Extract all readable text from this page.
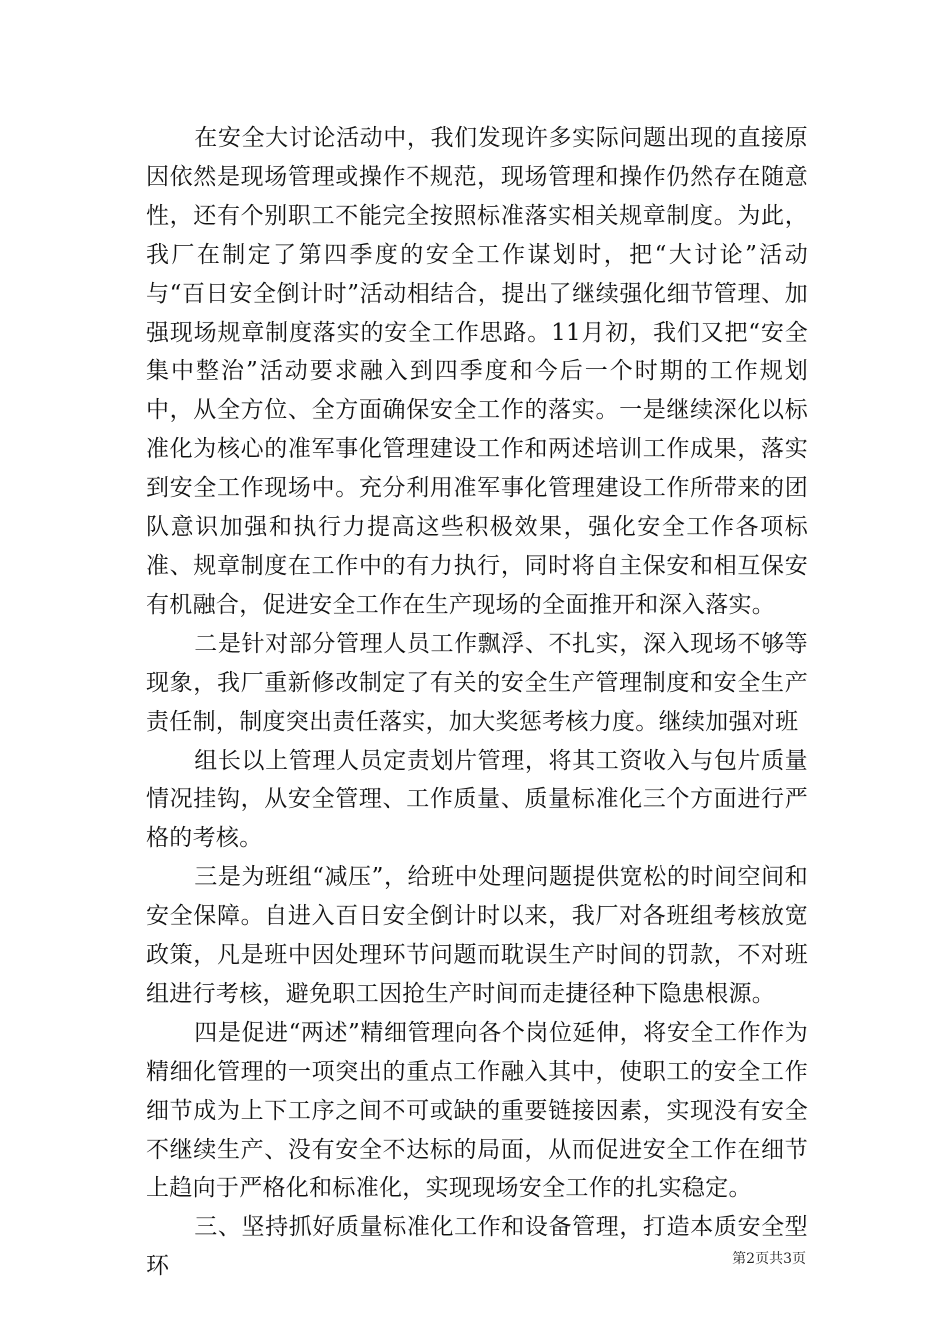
在安全大讨论活动中，我们发现许多实际问题出现的直接原因依然是现场管理或操作不规范，现场管理和操作仍然存在随意性，还有个别职工不能完全按照标准落实相关规章制度。为此，我厂在制定了第四季度的安全工作谋划时，把“大讨论”活动与“百日安全倒计时”活动相结合，提出了继续强化细节管理、加强现场规章制度落实的安全工作思路。11月初，我们又把“安全集中整治”活动要求融入到四季度和今后一个时期的工作规划中，从全方位、全方面确保安全工作的落实。一是继续深化以标准化为核心的准军事化管理建设工作和两述培训工作成果，落实到安全工作现场中。充分利用准军事化管理建设工作所带来的团队意识加强和执行力提高这些积极效果，强化安全工作各项标准、规章制度在工作中的有力执行，同时将自主保安和相互保安有机融合，促进安全工作在生产现场的全面推开和深入落实。

二是针对部分管理人员工作飘浮、不扎实，深入现场不够等现象，我厂重新修改制定了有关的安全生产管理制度和安全生产责任制，制度突出责任落实，加大奖惩考核力度。继续加强对班

组长以上管理人员定责划片管理，将其工资收入与包片质量情况挂钩，从安全管理、工作质量、质量标准化三个方面进行严格的考核。

三是为班组“减压”，给班中处理问题提供宽松的时间空间和安全保障。自进入百日安全倒计时以来，我厂对各班组考核放宽政策，凡是班中因处理环节问题而耽误生产时间的罚款，不对班组进行考核，避免职工因抢生产时间而走捷径种下隐患根源。

四是促进“两述”精细管理向各个岗位延伸，将安全工作作为精细化管理的一项突出的重点工作融入其中，使职工的安全工作细节成为上下工序之间不可或缺的重要链接因素，实现没有安全不继续生产、没有安全不达标的局面，从而促进安全工作在细节上趋向于严格化和标准化，实现现场安全工作的扎实稳定。

三、坚持抓好质量标准化工作和设备管理，打造本质安全型环	第2页共3页
